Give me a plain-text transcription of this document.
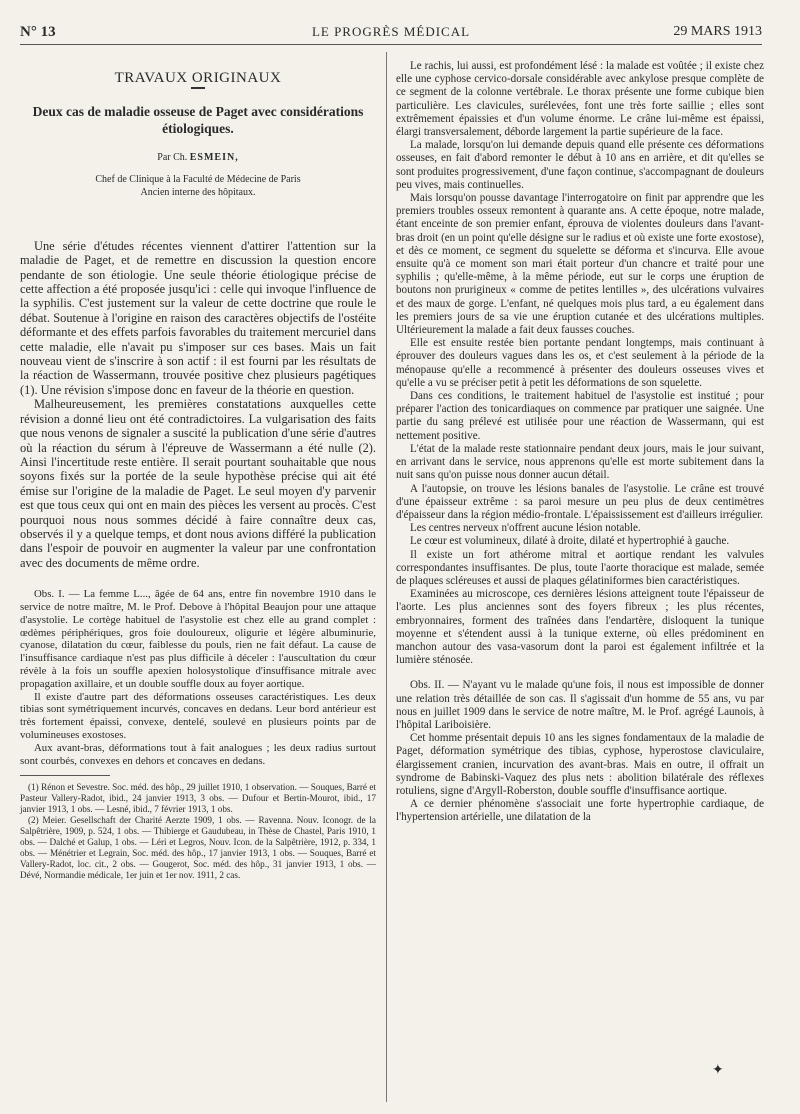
N° 13	LE PROGRÈS MÉDICAL	29 MARS 1913
TRAVAUX ORIGINAUX
Deux cas de maladie osseuse de Paget avec considérations étiologiques.
Par Ch. ESMEIN,
Chef de Clinique à la Faculté de Médecine de Paris
Ancien interne des hôpitaux.

Une série d'études récentes viennent d'attirer l'attention sur la maladie de Paget, et de remettre en discussion la question encore pendante de son étiologie. Une seule théorie étiologique précise de cette affection a été proposée jusqu'ici : celle qui invoque l'influence de la syphilis. C'est justement sur la valeur de cette doctrine que roule le débat. Soutenue à l'origine en raison des caractères objectifs de l'ostéite déformante et des effets parfois favorables du traitement mercuriel dans cette maladie, elle n'avait pu s'imposer sur ces bases. Mais un fait nouveau vient de s'inscrire à son actif : il est fourni par les résultats de la réaction de Wassermann, trouvée positive chez plusieurs pagétiques (1). Une révision s'impose donc en faveur de la théorie en question.

Malheureusement, les premières constatations auxquelles cette révision a donné lieu ont été contradictoires. La vulgarisation des faits que nous venons de signaler a suscité la publication d'une série d'autres où la réaction du sérum à l'épreuve de Wassermann a été nulle (2). Ainsi l'incertitude reste entière. Il serait pourtant souhaitable que nous soyons fixés sur la portée de la seule hypothèse précise qui ait été émise sur l'origine de la maladie de Paget. Le seul moyen d'y parvenir est que tous ceux qui ont en main des pièces les versent au procès. C'est pourquoi nous nous sommes décidé à faire connaître deux cas, observés il y a quelque temps, et dont nous avions différé la publication dans l'espoir de pouvoir en augmenter la valeur par une confrontation avec des documents de même ordre.

Obs. I. — La femme L..., âgée de 64 ans, entre fin novembre 1910 dans le service de notre maître, M. le Prof. Debove à l'hôpital Beaujon pour une attaque d'asystolie. Le cortège habituel de l'asystolie est chez elle au grand complet : œdèmes périphériques, gros foie douloureux, oligurie et légère albuminurie, cyanose, dilatation du cœur, faiblesse du pouls, rien ne fait défaut. La cause de l'insuffisance cardiaque n'est pas plus difficile à déceler : l'auscultation du cœur révèle à la fois un souffle apexien holosystolique d'insuffisance mitrale avec propagation axillaire, et un double souffle doux au foyer aortique.

Il existe d'autre part des déformations osseuses caractéristiques. Les deux tibias sont symétriquement incurvés, concaves en dedans. Leur bord antérieur est très fortement épaissi, convexe, dentelé, soulevé en plusieurs points par de volumineuses exostoses.

Aux avant-bras, déformations tout à fait analogues ; les deux radius surtout sont courbés, convexes en dehors et concaves en dedans.

(1) Rénon et Sevestre. Soc. méd. des hôp., 29 juillet 1910, 1 observation. — Souques, Barré et Pasteur Vallery-Radot, ibid., 24 janvier 1913, 3 obs. — Dufour et Bertin-Mourot, ibid., 17 janvier 1913, 1 obs. — Lesné, ibid., 7 février 1913, 1 obs.

(2) Meier. Gesellschaft der Charité Aerzte 1909, 1 obs. — Ravenna. Nouv. Iconogr. de la Salpêtrière, 1909, p. 524, 1 obs. — Thibierge et Gaudubeau, in Thèse de Chastel, Paris 1910, 1 obs. — Dalché et Galup, 1 obs. — Léri et Legros, Nouv. Icon. de la Salpêtrière, 1912, p. 334, 1 obs. — Ménétrier et Legrain, Soc. méd. des hôp., 17 janvier 1913, 1 obs. — Souques, Barré et Vallery-Radot, loc. cit., 2 obs. — Gougerot, Soc. méd. des hôp., 31 janvier 1913, 1 obs. — Dévé, Normandie médicale, 1er juin et 1er nov. 1911, 2 cas.

Le rachis, lui aussi, est profondément lésé : la malade est voûtée ; il existe chez elle une cyphose cervico-dorsale considérable avec ankylose presque complète de ce segment de la colonne vertébrale. Le thorax présente une forme cubique bien particulière. Les clavicules, surélevées, font une très forte saillie ; elles sont extrêmement épaissies et d'un volume énorme. Le crâne lui-même est épaissi, élargi transversalement, déborde largement la partie supérieure de la face.

La malade, lorsqu'on lui demande depuis quand elle présente ces déformations osseuses, en fait d'abord remonter le début à 10 ans en arrière, et dit qu'elles se sont produites progressivement, d'une façon continue, s'accompagnant de douleurs peu vives, mais continuelles.

Mais lorsqu'on pousse davantage l'interrogatoire on finit par apprendre que les premiers troubles osseux remontent à quarante ans. A cette époque, notre malade, étant enceinte de son premier enfant, éprouva de violentes douleurs dans l'avant-bras droit (en un point qu'elle désigne sur le radius et où existe une forte exostose), et dès ce moment, ce segment du squelette se déforma et s'incurva. Elle avoue ensuite qu'à ce moment son mari était porteur d'un chancre et traité pour une syphilis ; qu'elle-même, à la même période, eut sur le corps une éruption de boutons non prurigineux « comme de petites lentilles », des ulcérations vulvaires et des maux de gorge. L'enfant, né quelques mois plus tard, a eu également dans les premiers jours de sa vie une éruption cutanée et des ulcérations multiples. Ultérieurement la malade a fait deux fausses couches.

Elle est ensuite restée bien portante pendant longtemps, mais continuant à éprouver des douleurs vagues dans les os, et c'est seulement à la période de la ménopause qu'elle a recommencé à présenter des douleurs osseuses vives et qu'elle a vu se préciser petit à petit les déformations de son squelette.

Dans ces conditions, le traitement habituel de l'asystolie est institué ; pour préparer l'action des tonicardiaques on commence par pratiquer une saignée. Une partie du sang prélevé est utilisée pour une réaction de Wassermann, qui est nettement positive.

L'état de la malade reste stationnaire pendant deux jours, mais le jour suivant, en arrivant dans le service, nous apprenons qu'elle est morte subitement dans la nuit sans qu'on puisse nous donner aucun détail.

A l'autopsie, on trouve les lésions banales de l'asystolie. Le crâne est trouvé d'une épaisseur extrême : sa paroi mesure un peu plus de deux centimètres d'épaisseur dans la région médio-frontale. L'épaississement est d'ailleurs irrégulier.

Les centres nerveux n'offrent aucune lésion notable.

Le cœur est volumineux, dilaté à droite, dilaté et hypertrophié à gauche.

Il existe un fort athérome mitral et aortique rendant les valvules correspondantes insuffisantes. De plus, toute l'aorte thoracique est malade, semée de plaques scléreuses et aussi de plaques gélatiniformes bien caractéristiques.

Examinées au microscope, ces dernières lésions atteignent toute l'épaisseur de l'aorte. Les plus anciennes sont des foyers fibreux ; les plus récentes, embryonnaires, forment des traînées dans l'endartère, disloquent la tunique moyenne et s'étendent aussi à la tunique externe, où elles prédominent en manchon autour des vasa-vasorum dont la paroi est également infiltrée et la lumière sténosée.

Obs. II. — N'ayant vu le malade qu'une fois, il nous est impossible de donner une relation très détaillée de son cas. Il s'agissait d'un homme de 55 ans, vu par nous en juillet 1909 dans le service de notre maître, M. le Prof. agrégé Launois, à l'hôpital Lariboisière.

Cet homme présentait depuis 10 ans les signes fondamentaux de la maladie de Paget, déformation symétrique des tibias, cyphose, hyperostose claviculaire, élargissement cranien, incurvation des avant-bras. Mais en outre, il offrait un syndrome de Babinski-Vaquez des plus nets : abolition bilatérale des réflexes rotuliens, signe d'Argyll-Roberston, double souffle d'insuffisance aortique.

A ce dernier phénomène s'associait une forte hypertrophie cardiaque, de l'hypertension artérielle, une dilatation de la

✦
